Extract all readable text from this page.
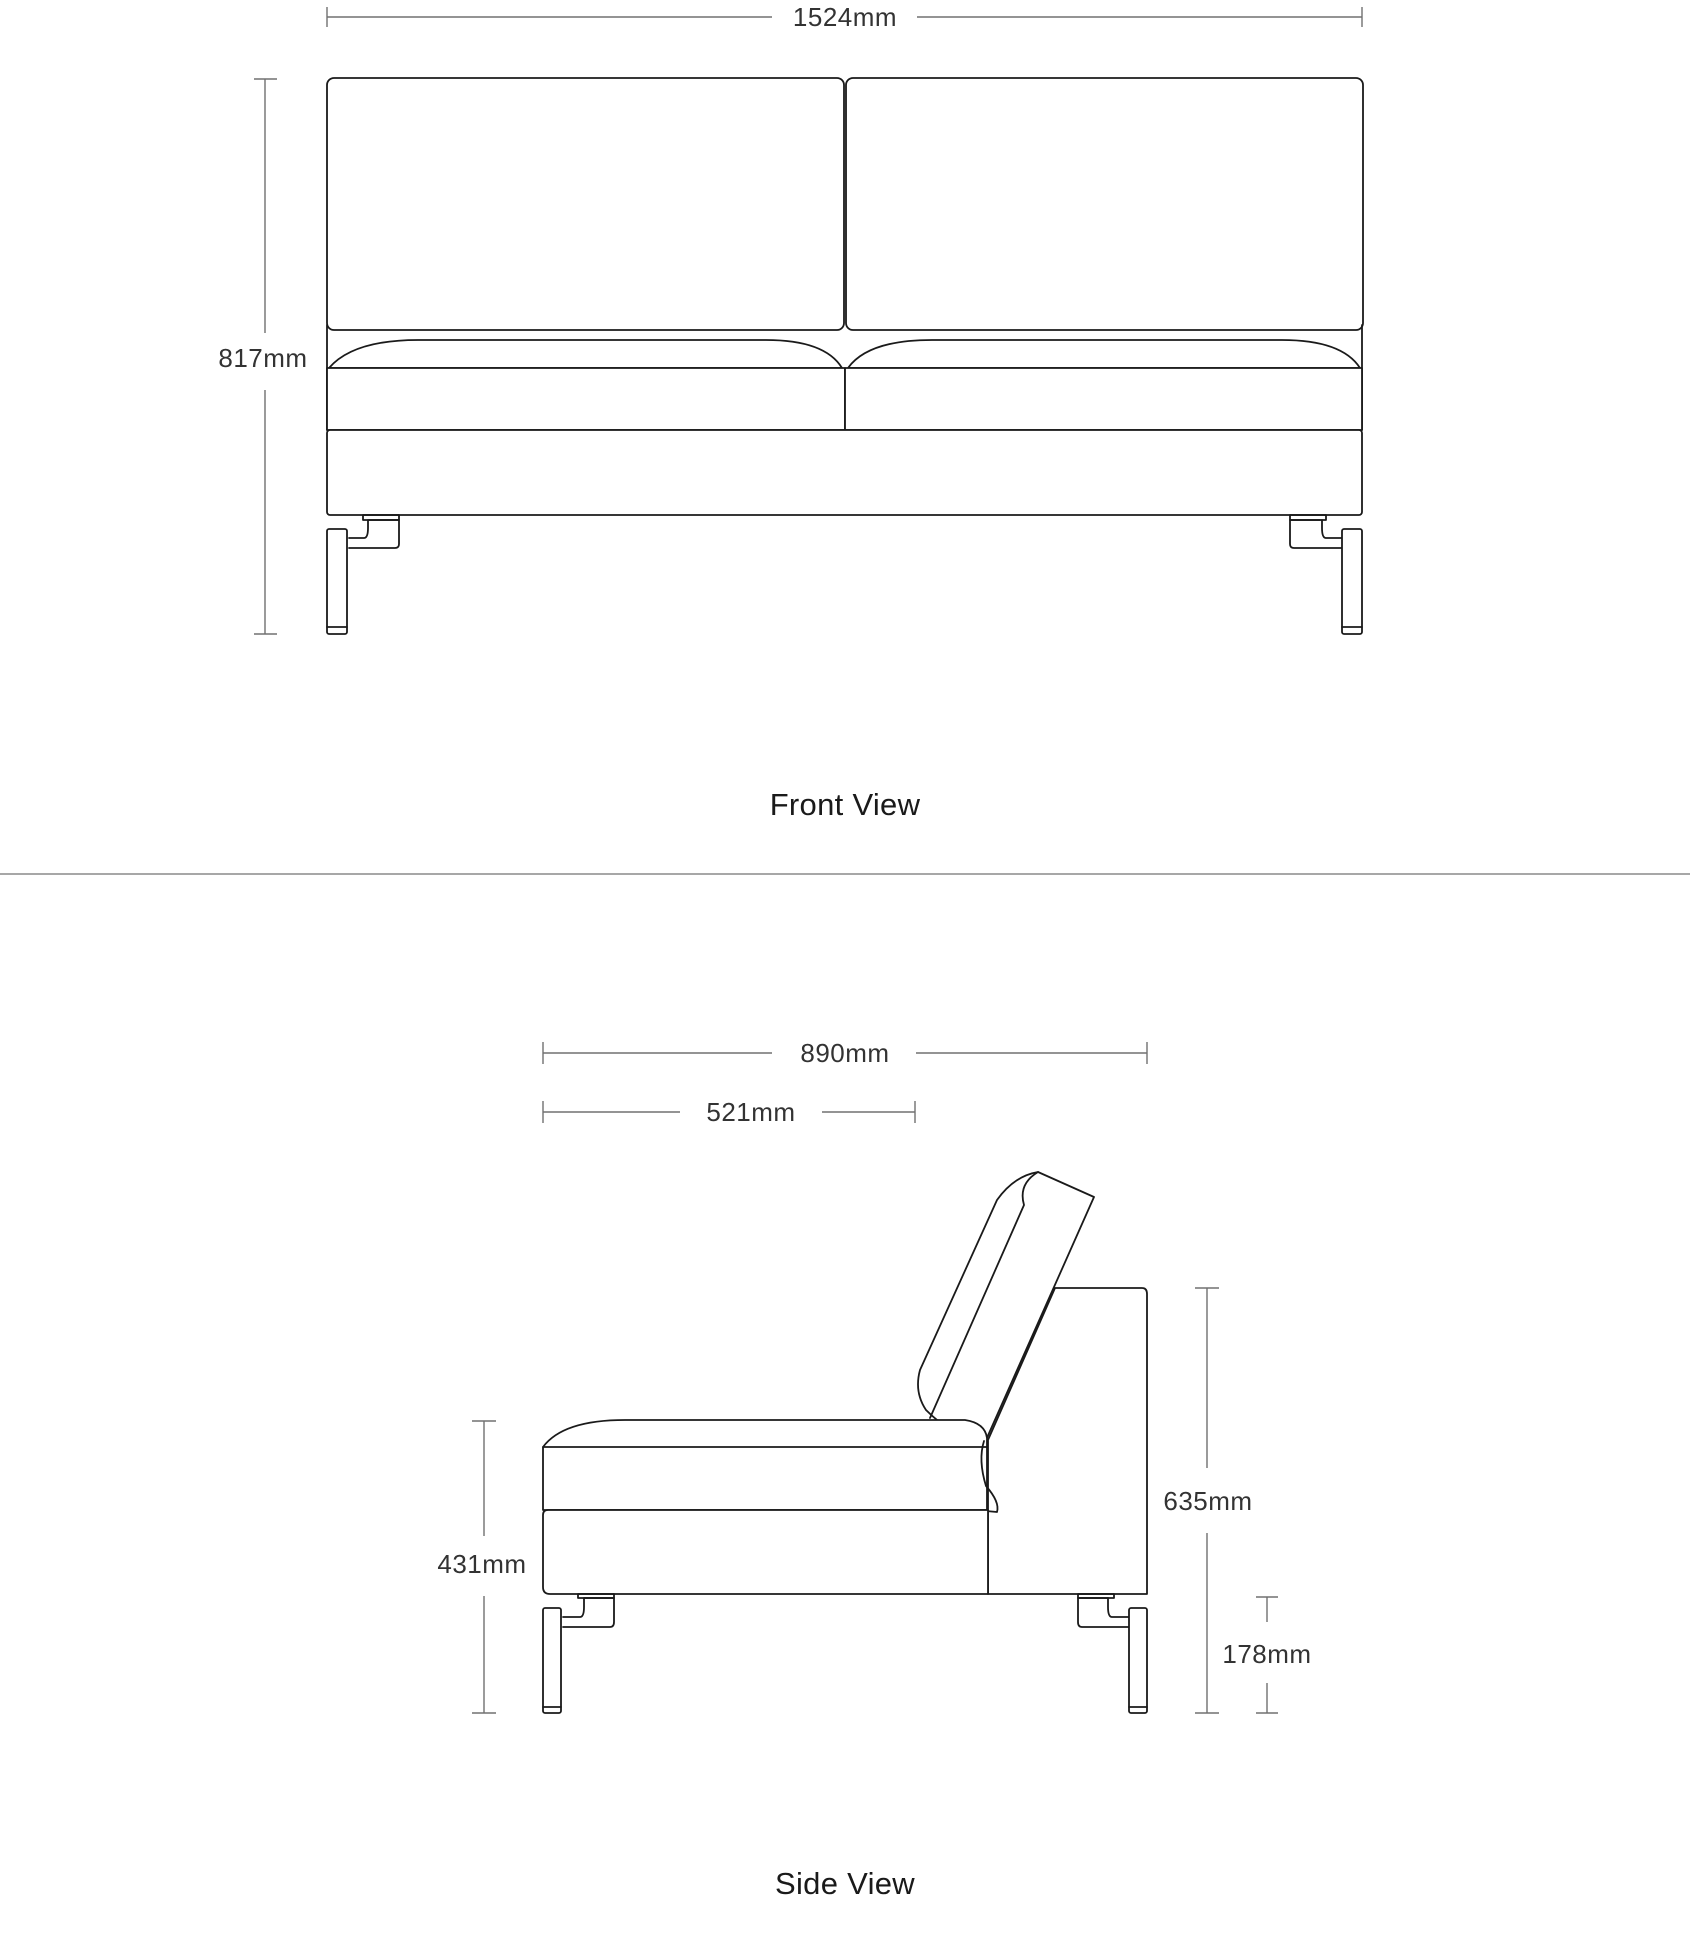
1524mm
817mm
Front View
890mm
521mm
431mm
635mm
178mm
Side View
